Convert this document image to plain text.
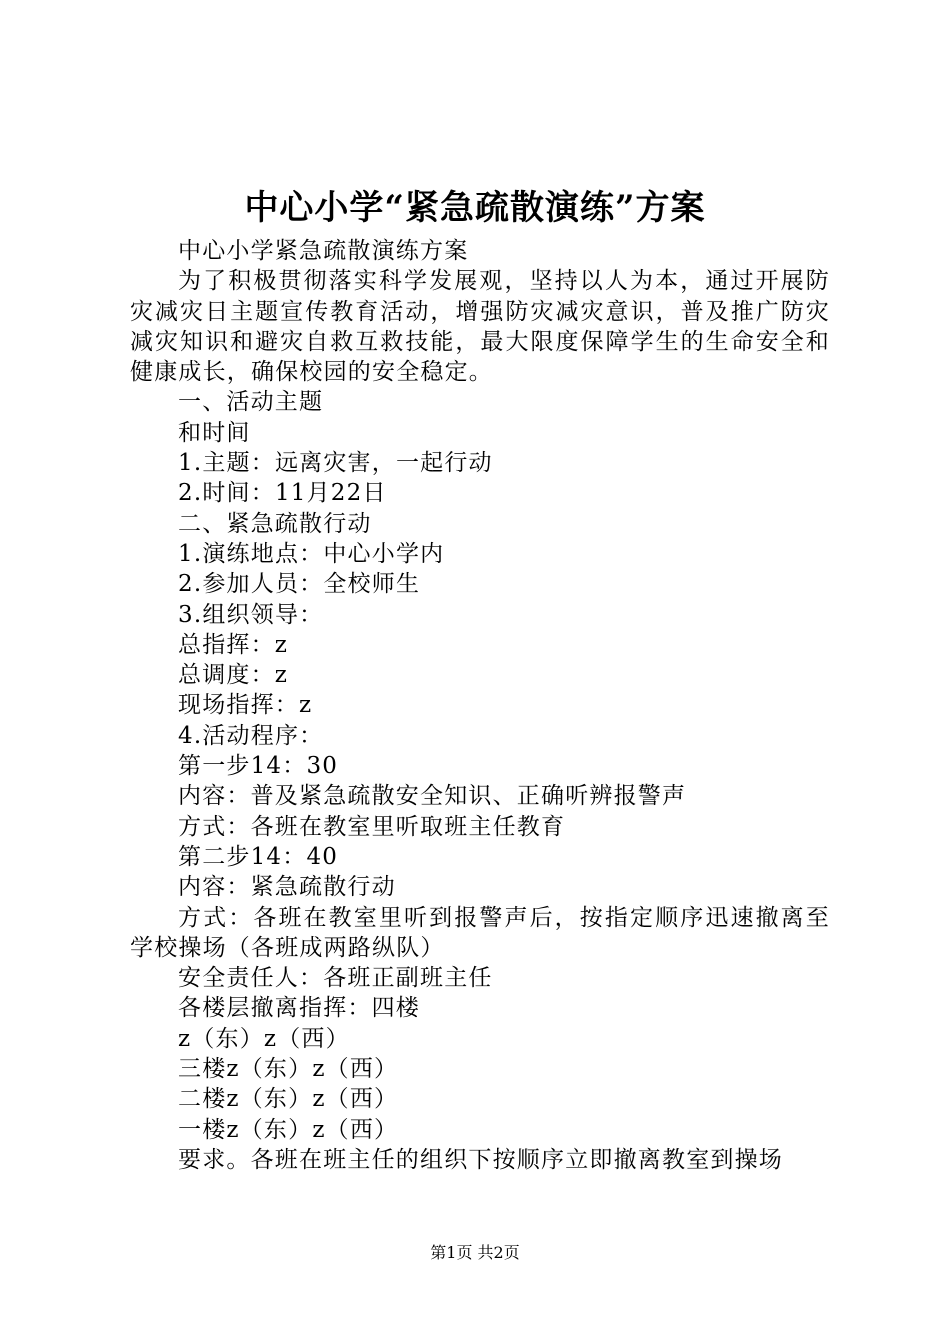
中心小学“紧急疏散演练”方案

中心小学紧急疏散演练方案

为了积极贯彻落实科学发展观，坚持以人为本，通过开展防灾减灾日主题宣传教育活动，增强防灾减灾意识，普及推广防灾减灾知识和避灾自救互救技能，最大限度保障学生的生命安全和健康成长，确保校园的安全稳定。

一、活动主题

和时间

1.主题：远离灾害，一起行动

2.时间：11月22日

二、紧急疏散行动

1.演练地点：中心小学内

2.参加人员：全校师生

3.组织领导：

总指挥：z

总调度：z

现场指挥：z

4.活动程序：

第一步14：30

内容：普及紧急疏散安全知识、正确听辨报警声

方式：各班在教室里听取班主任教育

第二步14：40

内容：紧急疏散行动

方式：各班在教室里听到报警声后，按指定顺序迅速撤离至学校操场（各班成两路纵队）

安全责任人：各班正副班主任

各楼层撤离指挥：四楼

z（东）z（西）

三楼z（东）z（西）

二楼z（东）z（西）

一楼z（东）z（西）

要求。各班在班主任的组织下按顺序立即撤离教室到操场

第1页 共2页
